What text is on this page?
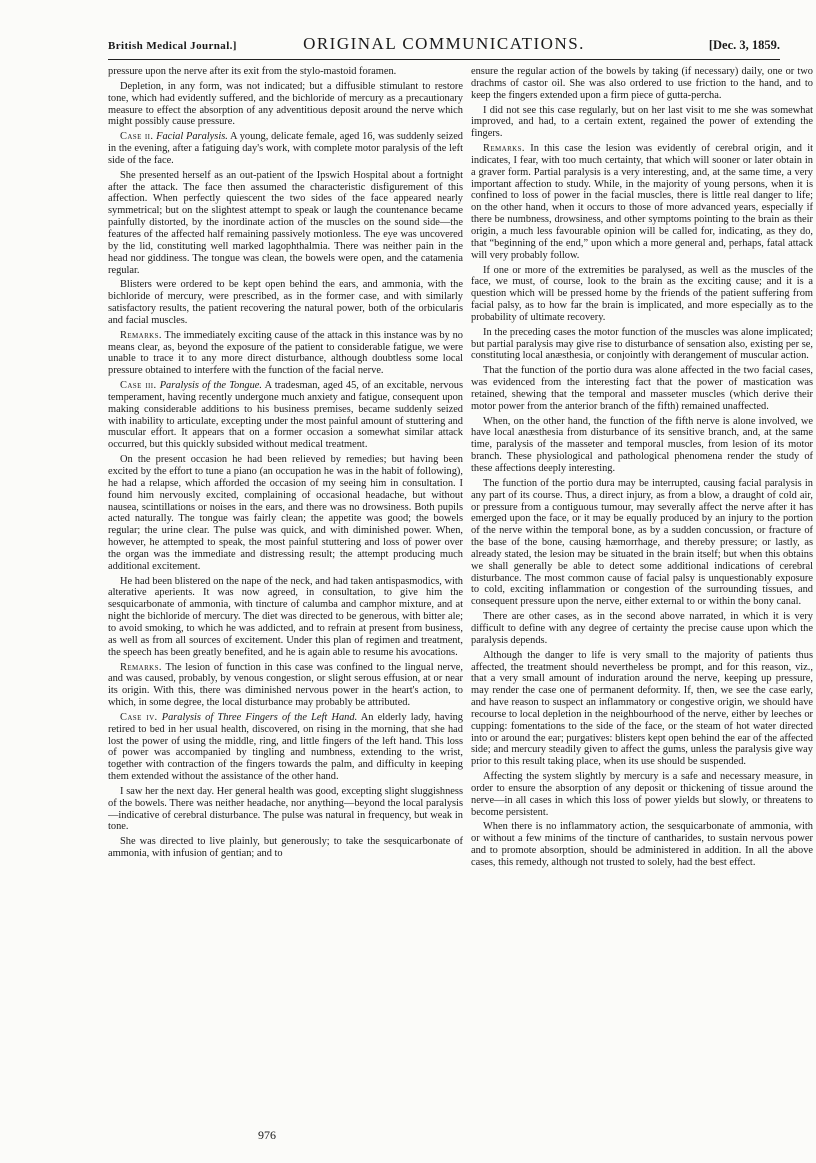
British Medical Journal.]	ORIGINAL COMMUNICATIONS.	[Dec. 3, 1859.

pressure upon the nerve after its exit from the stylo-mastoid foramen.

Depletion, in any form, was not indicated; but a diffusible stimulant to restore tone, which had evidently suffered, and the bichloride of mercury as a precautionary measure to effect the absorption of any adventitious deposit around the nerve which might possibly cause pressure.

Case ii. Facial Paralysis. A young, delicate female, aged 16, was suddenly seized in the evening, after a fatiguing day's work, with complete motor paralysis of the left side of the face.

She presented herself as an out-patient of the Ipswich Hospital about a fortnight after the attack. The face then assumed the characteristic disfigurement of this affection. When perfectly quiescent the two sides of the face appeared nearly symmetrical; but on the slightest attempt to speak or laugh the countenance became painfully distorted, by the inordinate action of the muscles on the sound side—the features of the affected half remaining passively motionless. The eye was uncovered by the lid, constituting well marked lagophthalmia. There was neither pain in the head nor giddiness. The tongue was clean, the bowels were open, and the catamenia regular.

Blisters were ordered to be kept open behind the ears, and ammonia, with the bichloride of mercury, were prescribed, as in the former case, and with similarly satisfactory results, the patient recovering the natural power, both of the orbicularis and facial muscles.

Remarks. The immediately exciting cause of the attack in this instance was by no means clear, as, beyond the exposure of the patient to considerable fatigue, we were unable to trace it to any more direct disturbance, although doubtless some local pressure obtained to interfere with the function of the facial nerve.

Case iii. Paralysis of the Tongue. A tradesman, aged 45, of an excitable, nervous temperament, having recently undergone much anxiety and fatigue, consequent upon making considerable additions to his business premises, became suddenly seized with inability to articulate, excepting under the most painful amount of stuttering and muscular effort. It appears that on a former occasion a somewhat similar attack occurred, but this quickly subsided without medical treatment.

On the present occasion he had been relieved by remedies; but having been excited by the effort to tune a piano (an occupation he was in the habit of following), he had a relapse, which afforded the occasion of my seeing him in consultation. I found him nervously excited, complaining of occasional headache, but without nausea, scintillations or noises in the ears, and there was no drowsiness. Both pupils acted naturally. The tongue was fairly clean; the appetite was good; the bowels regular; the urine clear. The pulse was quick, and with diminished power. When, however, he attempted to speak, the most painful stuttering and loss of power over the organ was the immediate and distressing result; the attempt producing much additional excitement.

He had been blistered on the nape of the neck, and had taken antispasmodics, with alterative aperients. It was now agreed, in consultation, to give him the sesquicarbonate of ammonia, with tincture of calumba and camphor mixture, and at night the bichloride of mercury. The diet was directed to be generous, with bitter ale; to avoid smoking, to which he was addicted, and to refrain at present from business, as well as from all sources of excitement. Under this plan of regimen and treatment, the speech has been greatly benefited, and he is again able to resume his avocations.

Remarks. The lesion of function in this case was confined to the lingual nerve, and was caused, probably, by venous congestion, or slight serous effusion, at or near its origin. With this, there was diminished nervous power in the heart's action, to which, in some degree, the local disturbance may probably be attributed.

Case iv. Paralysis of Three Fingers of the Left Hand. An elderly lady, having retired to bed in her usual health, discovered, on rising in the morning, that she had lost the power of using the middle, ring, and little fingers of the left hand. This loss of power was accompanied by tingling and numbness, extending to the wrist, together with contraction of the fingers towards the palm, and difficulty in keeping them extended without the assistance of the other hand.

I saw her the next day. Her general health was good, excepting slight sluggishness of the bowels. There was neither headache, nor anything—beyond the local paralysis—indicative of cerebral disturbance. The pulse was natural in frequency, but weak in tone.

She was directed to live plainly, but generously; to take the sesquicarbonate of ammonia, with infusion of gentian; and to

ensure the regular action of the bowels by taking (if necessary) daily, one or two drachms of castor oil. She was also ordered to use friction to the hand, and to keep the fingers extended upon a firm piece of gutta-percha.

I did not see this case regularly, but on her last visit to me she was somewhat improved, and had, to a certain extent, regained the power of extending the fingers.

Remarks. In this case the lesion was evidently of cerebral origin, and it indicates, I fear, with too much certainty, that which will sooner or later obtain in a graver form. Partial paralysis is a very interesting, and, at the same time, a very important affection to study. While, in the majority of young persons, when it is confined to loss of power in the facial muscles, there is little real danger to life; on the other hand, when it occurs to those of more advanced years, especially if there be numbness, drowsiness, and other symptoms pointing to the brain as their origin, a much less favourable opinion will be called for, indicating, as they do, that “beginning of the end,” upon which a more general and, perhaps, fatal attack will very probably follow.

If one or more of the extremities be paralysed, as well as the muscles of the face, we must, of course, look to the brain as the exciting cause; and it is a question which will be pressed home by the friends of the patient suffering from facial palsy, as to how far the brain is implicated, and more especially as to the probability of ultimate recovery.

In the preceding cases the motor function of the muscles was alone implicated; but partial paralysis may give rise to disturbance of sensation also, existing per se, constituting local anæsthesia, or conjointly with derangement of muscular action.

That the function of the portio dura was alone affected in the two facial cases, was evidenced from the interesting fact that the power of mastication was retained, shewing that the temporal and masseter muscles (which derive their motor power from the anterior branch of the fifth) remained unaffected.

When, on the other hand, the function of the fifth nerve is alone involved, we have local anæsthesia from disturbance of its sensitive branch, and, at the same time, paralysis of the masseter and temporal muscles, from lesion of its motor branch. These physiological and pathological phenomena render the study of these affections deeply interesting.

The function of the portio dura may be interrupted, causing facial paralysis in any part of its course. Thus, a direct injury, as from a blow, a draught of cold air, or pressure from a contiguous tumour, may severally affect the nerve after it has emerged upon the face, or it may be equally produced by an injury to the portion of the nerve within the temporal bone, as by a sudden concussion, or fracture of the base of the bone, causing hæmorrhage, and thereby pressure; or lastly, as already stated, the lesion may be situated in the brain itself; but when this obtains we shall generally be able to detect some additional indications of cerebral disturbance. The most common cause of facial palsy is unquestionably exposure to cold, exciting inflammation or congestion of the surrounding tissues, and consequent pressure upon the nerve, either external to or within the bony canal.

There are other cases, as in the second above narrated, in which it is very difficult to define with any degree of certainty the precise cause upon which the paralysis depends.

Although the danger to life is very small to the majority of patients thus affected, the treatment should nevertheless be prompt, and for this reason, viz., that a very small amount of induration around the nerve, keeping up pressure, may render the case one of permanent deformity. If, then, we see the case early, and have reason to suspect an inflammatory or congestive origin, we should have recourse to local depletion in the neighbourhood of the nerve, either by leeches or cupping: fomentations to the side of the face, or the steam of hot water directed into or around the ear; purgatives: blisters kept open behind the ear of the affected side; and mercury steadily given to affect the gums, unless the paralysis give way prior to this result taking place, when its use should be suspended.

Affecting the system slightly by mercury is a safe and necessary measure, in order to ensure the absorption of any deposit or thickening of tissue around the nerve—in all cases in which this loss of power yields but slowly, or threatens to become persistent.

When there is no inflammatory action, the sesquicarbonate of ammonia, with or without a few minims of the tincture of cantharides, to sustain nervous power and to promote absorption, should be administered in addition. In all the above cases, this remedy, although not trusted to solely, had the best effect.

976
